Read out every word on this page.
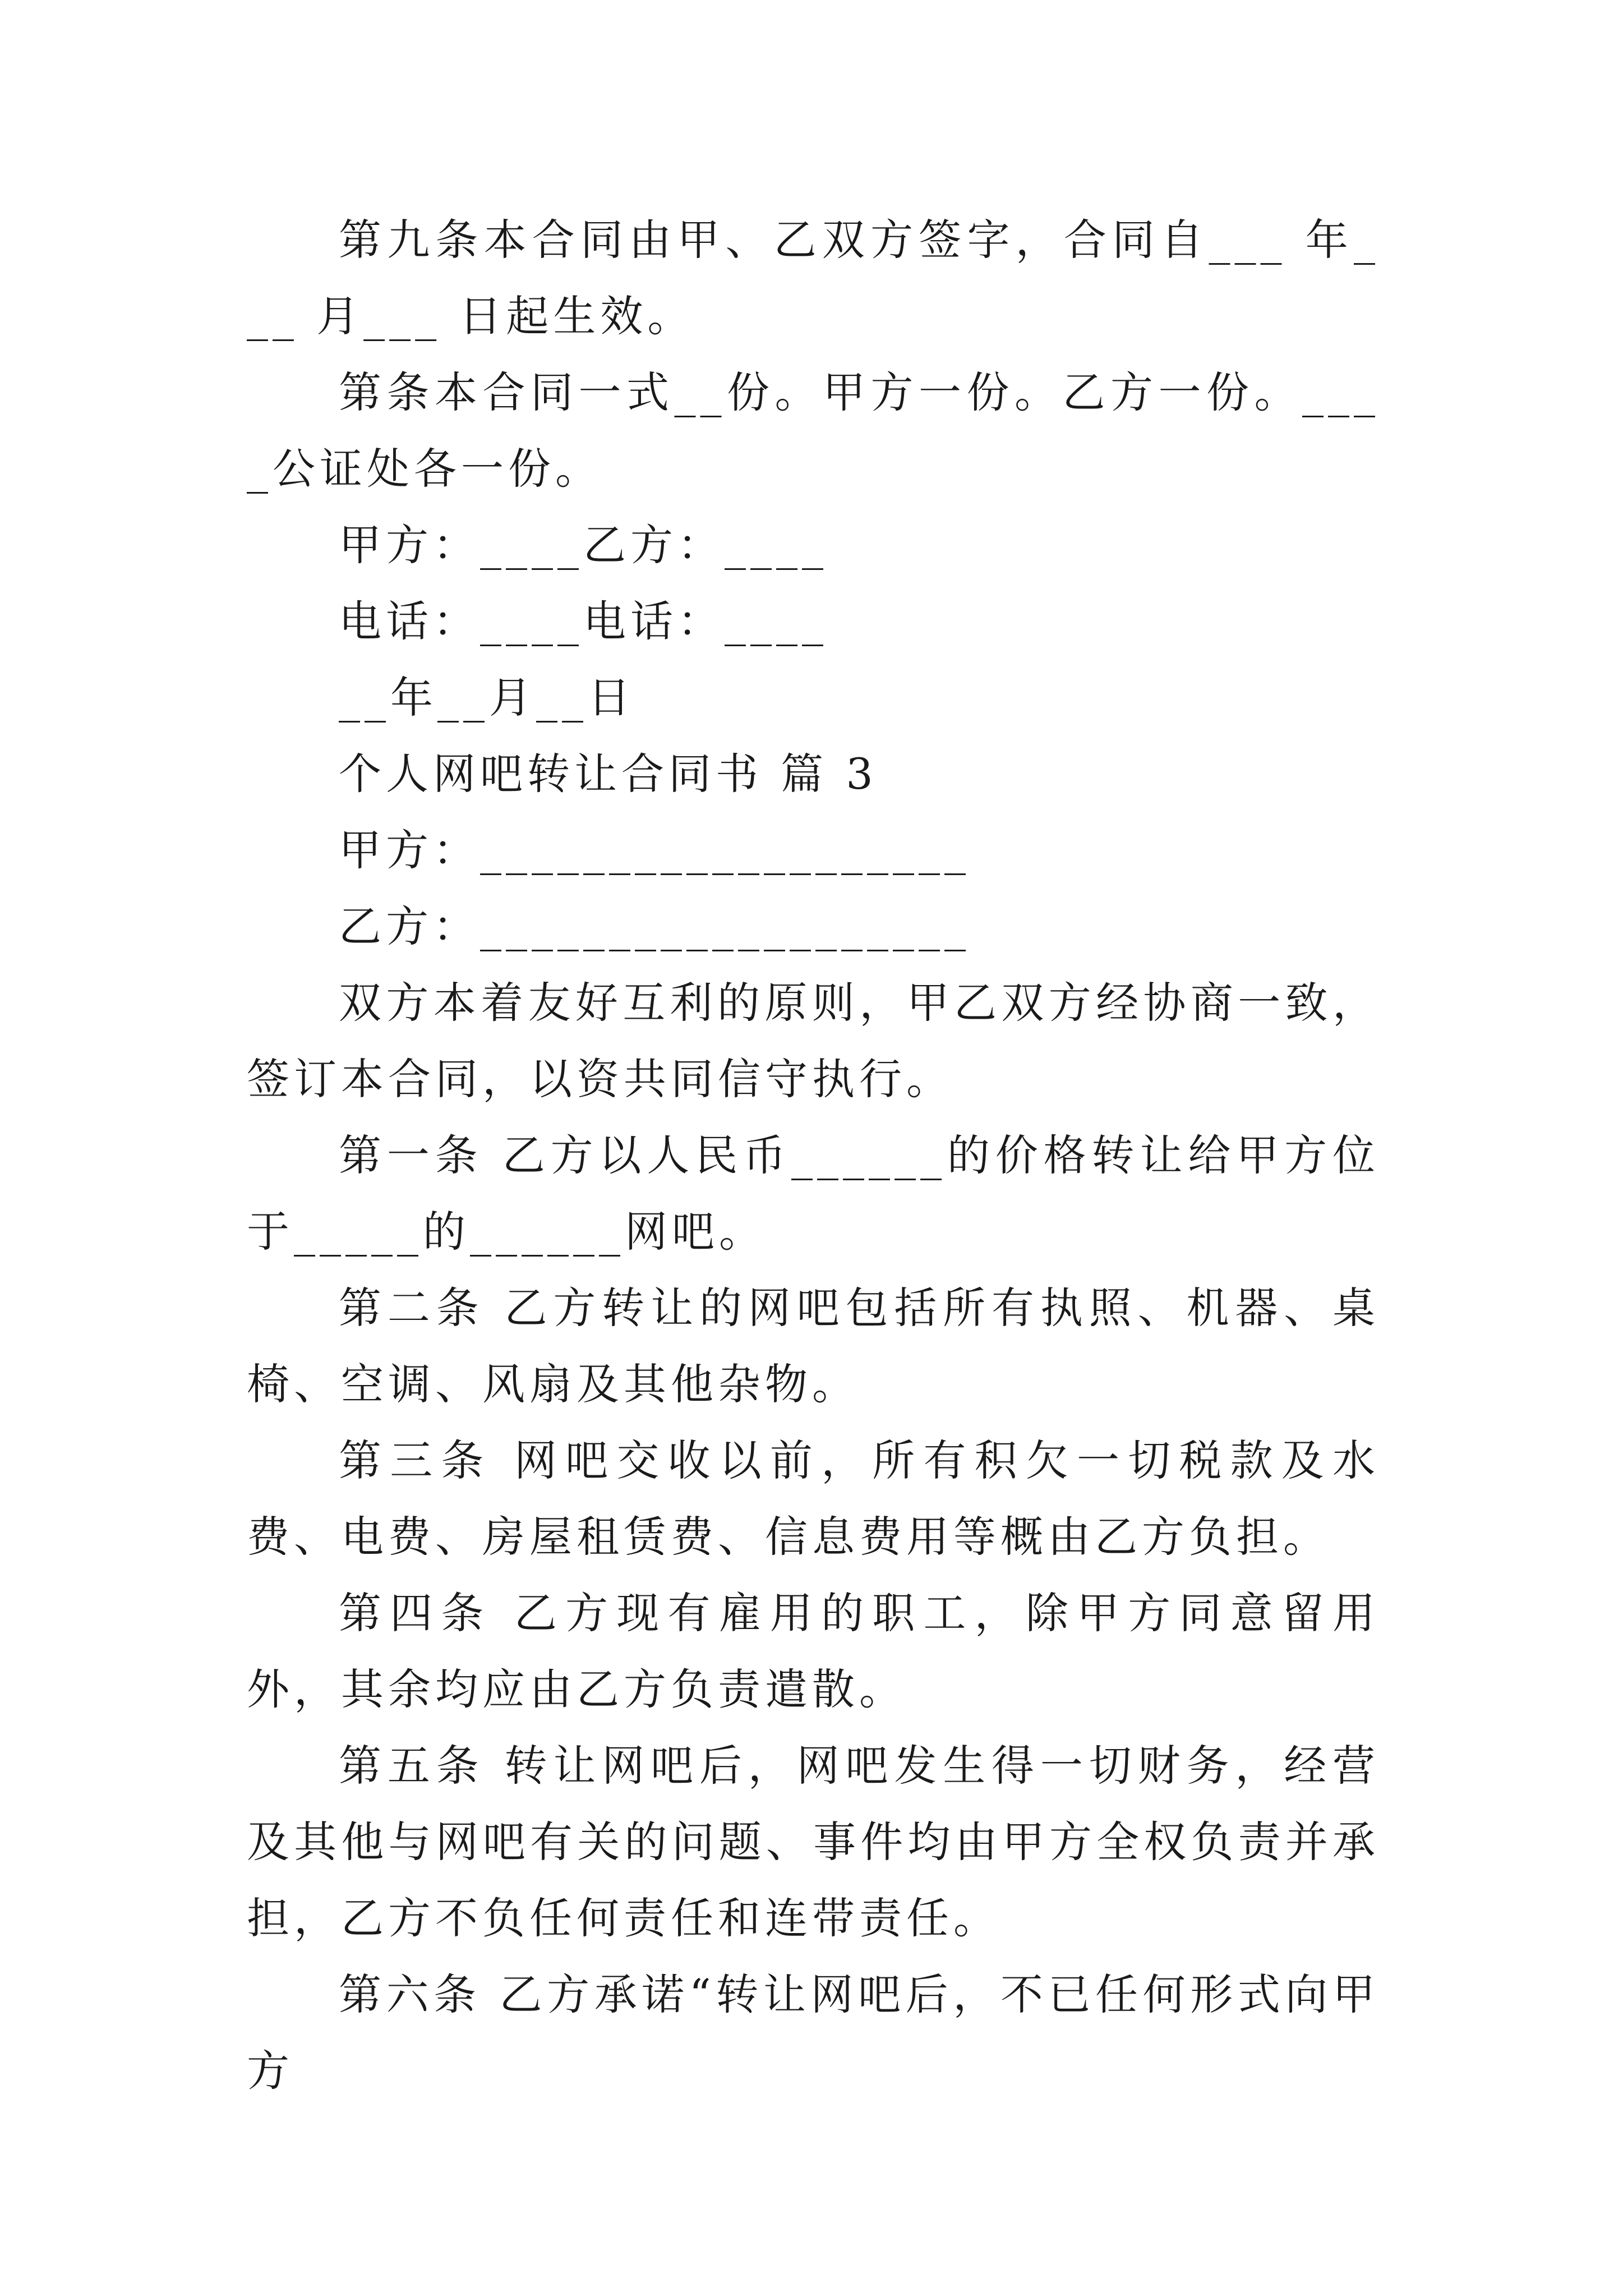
第九条本合同由甲、乙双方签字，合同自___ 年___ 月___ 日起生效。

第条本合同一式__份。甲方一份。乙方一份。____公证处各一份。

甲方：____乙方：____

电话：____电话：____

__年__月__日

个人网吧转让合同书 篇 3

甲方：___________________

乙方：___________________

双方本着友好互利的原则，甲乙双方经协商一致，签订本合同，以资共同信守执行。

第一条 乙方以人民币______的价格转让给甲方位于_____的______网吧。

第二条 乙方转让的网吧包括所有执照、机器、桌椅、空调、风扇及其他杂物。

第三条 网吧交收以前，所有积欠一切税款及水费、电费、房屋租赁费、信息费用等概由乙方负担。

第四条 乙方现有雇用的职工，除甲方同意留用外，其余均应由乙方负责遣散。

第五条 转让网吧后，网吧发生得一切财务，经营及其他与网吧有关的问题、事件均由甲方全权负责并承担，乙方不负任何责任和连带责任。

第六条 乙方承诺“转让网吧后，不已任何形式向甲方
